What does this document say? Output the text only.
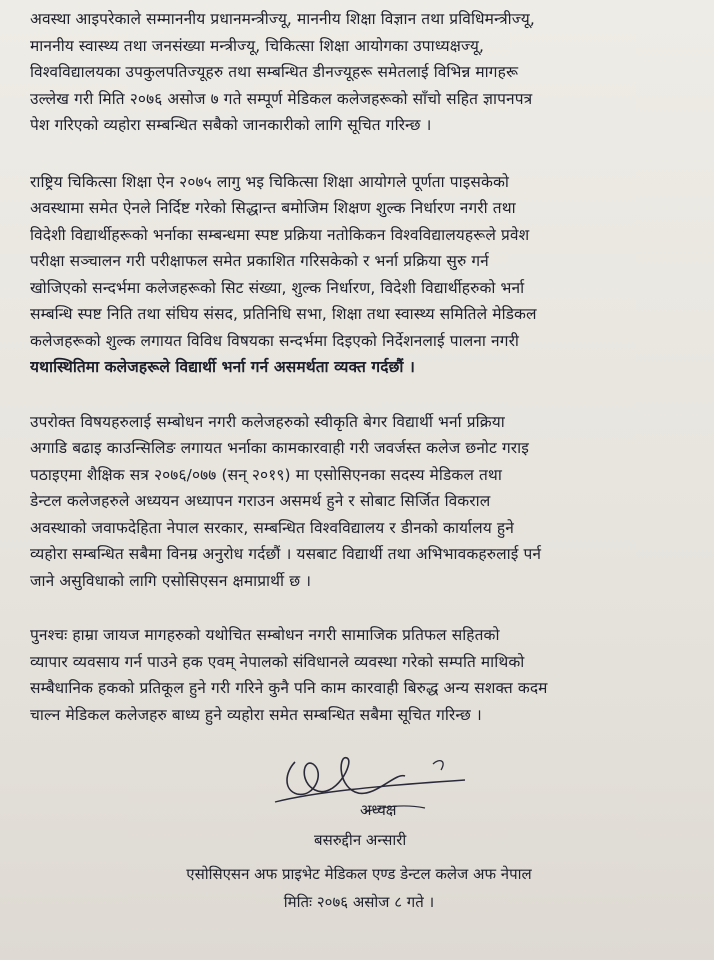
अवस्था आइपरेकाले सम्माननीय प्रधानमन्त्रीज्यू, माननीय शिक्षा विज्ञान तथा प्रविधिमन्त्रीज्यू,
माननीय स्वास्थ्य तथा जनसंख्या मन्त्रीज्यू, चिकित्सा शिक्षा आयोगका उपाध्यक्षज्यू,
विश्वविद्यालयका उपकुलपतिज्यूहरु तथा सम्बन्धित डीनज्यूहरू समेतलाई विभिन्न मागहरू
उल्लेख गरी मिति २०७६ असोज ७ गते सम्पूर्ण मेडिकल कलेजहरूको साँचो सहित ज्ञापनपत्र
पेश गरिएको व्यहोरा सम्बन्धित सबैको जानकारीको लागि सूचित गरिन्छ ।

राष्ट्रिय चिकित्सा शिक्षा ऐन २०७५ लागु भइ चिकित्सा शिक्षा आयोगले पूर्णता पाइसकेको
अवस्थामा समेत ऐनले निर्दिष्ट गरेको सिद्धान्त बमोजिम शिक्षण शुल्क निर्धारण नगरी तथा
विदेशी विद्यार्थीहरूको भर्नाका सम्बन्धमा स्पष्ट प्रक्रिया नतोकिकन विश्वविद्यालयहरूले प्रवेश
परीक्षा सञ्चालन गरी परीक्षाफल समेत प्रकाशित गरिसकेको र भर्ना प्रक्रिया सुरु गर्न
खोजिएको सन्दर्भमा कलेजहरूको सिट संख्या, शुल्क निर्धारण, विदेशी विद्यार्थीहरुको भर्ना
सम्बन्धि स्पष्ट निति तथा संघिय संसद, प्रतिनिधि सभा, शिक्षा तथा स्वास्थ्य समितिले मेडिकल
कलेजहरूको शुल्क लगायत विविध विषयका सन्दर्भमा दिइएको निर्देशनलाई पालना नगरी
यथास्थितिमा कलेजहरूले विद्यार्थी भर्ना गर्न असमर्थता व्यक्त गर्दछौं ।

उपरोक्त विषयहरुलाई सम्बोधन नगरी कलेजहरुको स्वीकृति बेगर विद्यार्थी भर्ना प्रक्रिया
अगाडि बढाइ काउन्सिलिङ लगायत भर्नाका कामकारवाही गरी जवर्जस्त कलेज छनोट गराइ
पठाइएमा शैक्षिक सत्र २०७६/०७७ (सन् २०१९) मा एसोसिएनका सदस्य मेडिकल तथा
डेन्टल कलेजहरुले अध्ययन अध्यापन गराउन असमर्थ हुने र सोबाट सिर्जित विकराल
अवस्थाको जवाफदेहिता नेपाल सरकार, सम्बन्धित विश्वविद्यालय र डीनको कार्यालय हुने
व्यहोरा सम्बन्धित सबैमा विनम्र अनुरोध गर्दछौं । यसबाट विद्यार्थी तथा अभिभावकहरुलाई पर्न
जाने असुविधाको लागि एसोसिएसन क्षमाप्रार्थी छ ।

पुनश्चः हाम्रा जायज मागहरुको यथोचित सम्बोधन नगरी सामाजिक प्रतिफल सहितको
व्यापार व्यवसाय गर्न पाउने हक एवम् नेपालको संविधानले व्यवस्था गरेको सम्पति माथिको
सम्बैधानिक हकको प्रतिकूल हुने गरी गरिने कुनै पनि काम कारवाही बिरुद्ध अन्य सशक्त कदम
चाल्न मेडिकल कलेजहरु बाध्य हुने व्यहोरा समेत सम्बन्धित सबैमा सूचित गरिन्छ ।

अध्यक्ष
बसरुद्दीन अन्सारी
एसोसिएसन अफ प्राइभेट मेडिकल एण्ड डेन्टल कलेज अफ नेपाल
मितिः २०७६ असोज ८ गते ।
